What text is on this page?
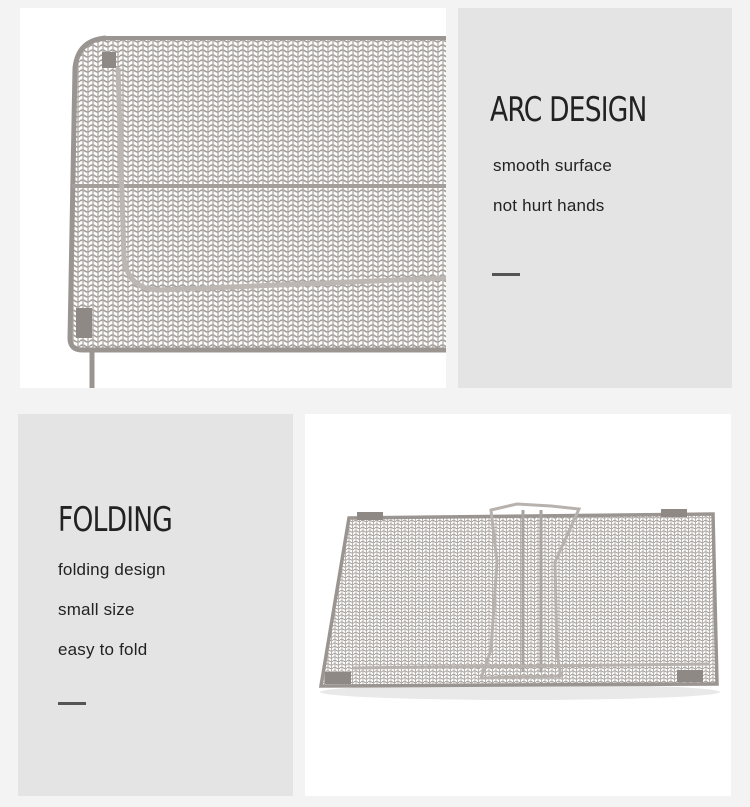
ARC DESIGN

smooth surface

not hurt hands

FOLDING

folding design

small size

easy to fold
